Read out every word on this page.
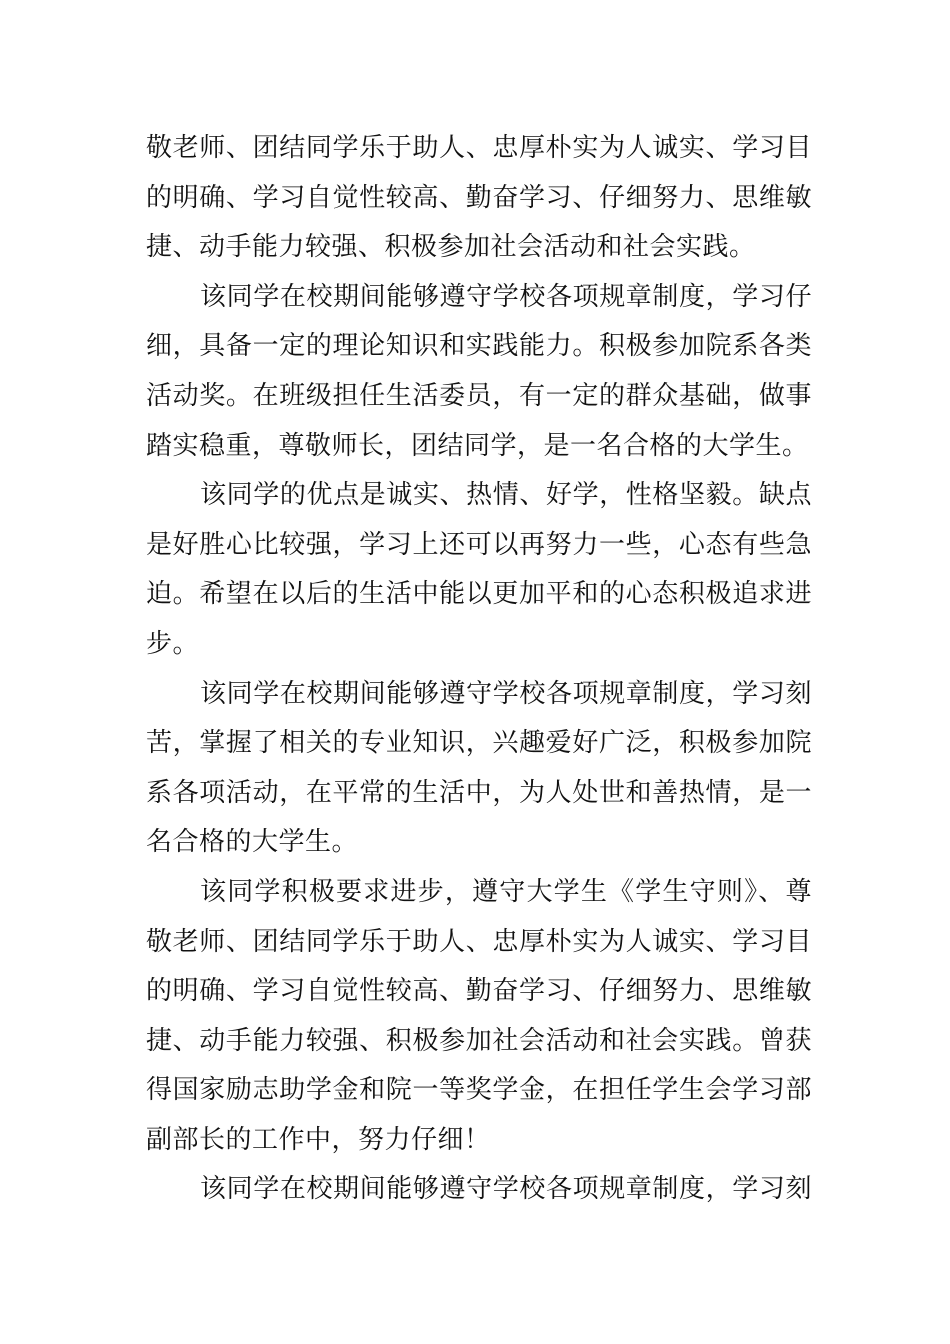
敬老师、团结同学乐于助人、忠厚朴实为人诚实、学习目
的明确、学习自觉性较高、勤奋学习、仔细努力、思维敏
捷、动手能力较强、积极参加社会活动和社会实践。
该同学在校期间能够遵守学校各项规章制度，学习仔
细，具备一定的理论知识和实践能力。积极参加院系各类
活动奖。在班级担任生活委员，有一定的群众基础，做事
踏实稳重，尊敬师长，团结同学，是一名合格的大学生。
该同学的优点是诚实、热情、好学，性格坚毅。缺点
是好胜心比较强，学习上还可以再努力一些，心态有些急
迫。希望在以后的生活中能以更加平和的心态积极追求进
步。
该同学在校期间能够遵守学校各项规章制度，学习刻
苦，掌握了相关的专业知识，兴趣爱好广泛，积极参加院
系各项活动，在平常的生活中，为人处世和善热情，是一
名合格的大学生。
该同学积极要求进步，遵守大学生《学生守则》、尊
敬老师、团结同学乐于助人、忠厚朴实为人诚实、学习目
的明确、学习自觉性较高、勤奋学习、仔细努力、思维敏
捷、动手能力较强、积极参加社会活动和社会实践。曾获
得国家励志助学金和院一等奖学金，在担任学生会学习部
副部长的工作中，努力仔细！
该同学在校期间能够遵守学校各项规章制度，学习刻
